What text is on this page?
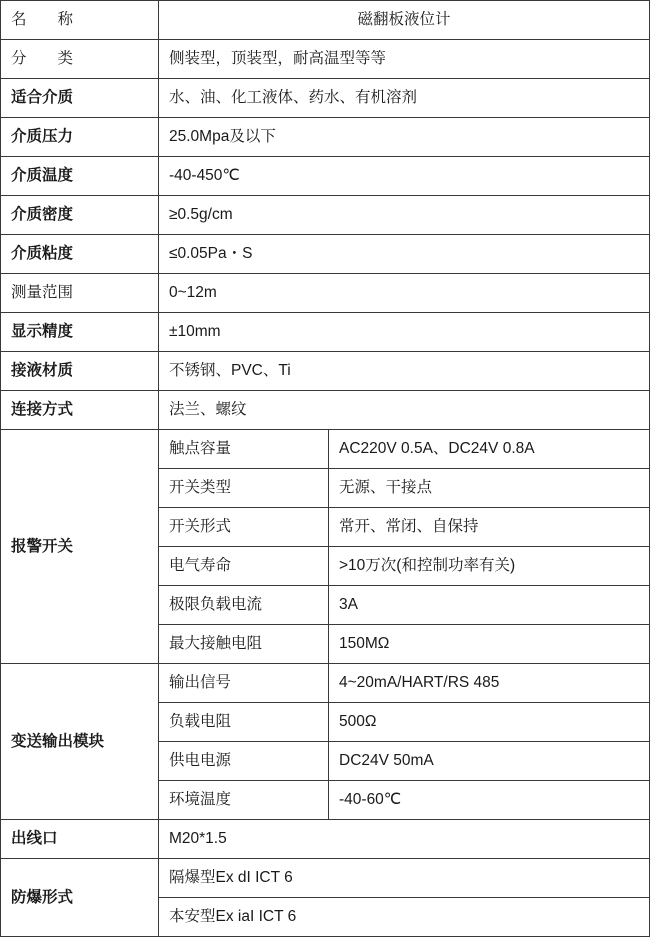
名　　称	磁翻板液位计	
分　　类	侧装型，顶装型，耐高温型等等	
适合介质	水、油、化工液体、药水、有机溶剂	
介质压力	25.0Mpa及以下	
介质温度	-40-450℃	
介质密度	≥0.5g/cm	
介质粘度	≤0.05Pa・S	
测量范围	0~12m	
显示精度	±10mm	
接液材质	不锈钢、PVC、Ti	
连接方式	法兰、螺纹	
报警开关	触点容量	AC220V 0.5A、DC24V 0.8A
	开关类型	无源、干接点
	开关形式	常开、常闭、自保持
	电气寿命	>10万次(和控制功率有关)
	极限负载电流	3A
	最大接触电阻	150MΩ
变送输出模块	输出信号	4~20mA/HART/RS 485
	负载电阻	500Ω
	供电电源	DC24V 50mA
	环境温度	-40-60℃
出线口	M20*1.5	
防爆形式	隔爆型Ex dI ICT 6	
	本安型Ex iaI ICT 6	
